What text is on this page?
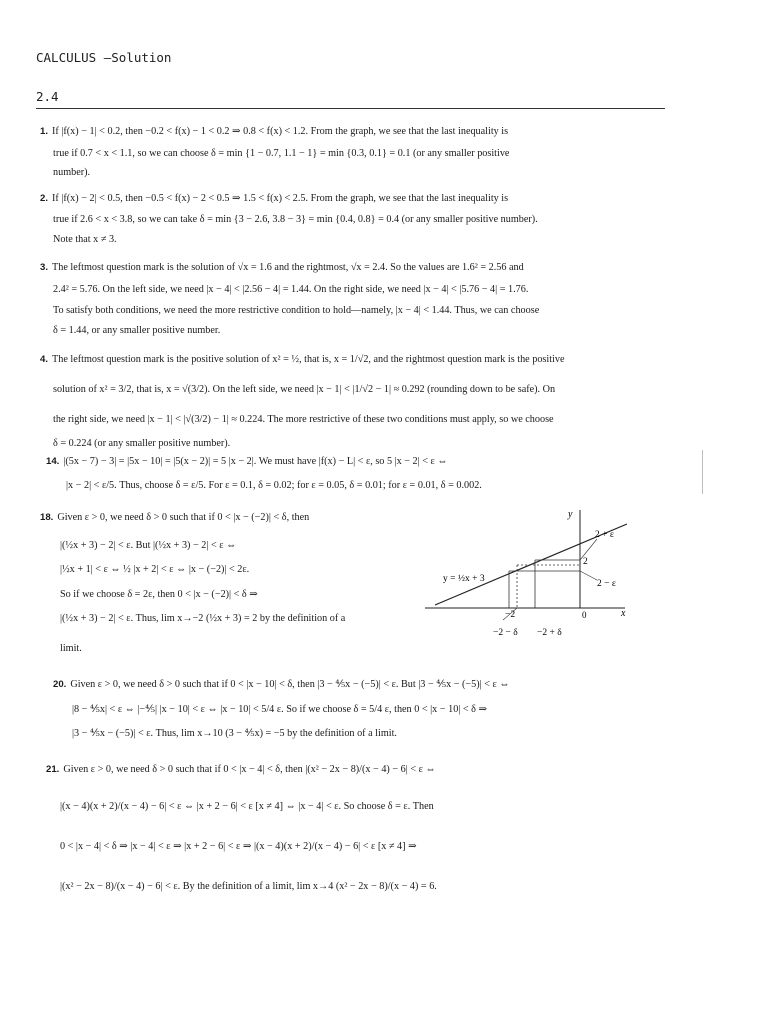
CALCULUS –Solution
2.4
1. If |f(x) − 1| < 0.2, then −0.2 < f(x) − 1 < 0.2 ⇒ 0.8 < f(x) < 1.2. From the graph, we see that the last inequality is
true if 0.7 < x < 1.1, so we can choose δ = min {1 − 0.7, 1.1 − 1} = min {0.3, 0.1} = 0.1 (or any smaller positive
number).
2. If |f(x) − 2| < 0.5, then −0.5 < f(x) − 2 < 0.5 ⇒ 1.5 < f(x) < 2.5. From the graph, we see that the last inequality is
true if 2.6 < x < 3.8, so we can take δ = min {3 − 2.6, 3.8 − 3} = min {0.4, 0.8} = 0.4 (or any smaller positive number).
Note that x ≠ 3.
3. The leftmost question mark is the solution of √x = 1.6 and the rightmost, √x = 2.4. So the values are 1.6² = 2.56 and
2.4² = 5.76. On the left side, we need |x − 4| < |2.56 − 4| = 1.44. On the right side, we need |x − 4| < |5.76 − 4| = 1.76.
To satisfy both conditions, we need the more restrictive condition to hold—namely, |x − 4| < 1.44. Thus, we can choose
δ = 1.44, or any smaller positive number.
4. The leftmost question mark is the positive solution of x² = ½, that is, x = 1/√2, and the rightmost question mark is the positive
solution of x² = 3/2, that is, x = √(3/2). On the left side, we need |x − 1| < |1/√2 − 1| ≈ 0.292 (rounding down to be safe). On
the right side, we need |x − 1| < |√(3/2) − 1| ≈ 0.224. The more restrictive of these two conditions must apply, so we choose
δ = 0.224 (or any smaller positive number).
14. |(5x − 7) − 3| = |5x − 10| = |5(x − 2)| = 5 |x − 2|. We must have |f(x) − L| < ε, so 5 |x − 2| < ε ⇔
|x − 2| < ε/5. Thus, choose δ = ε/5. For ε = 0.1, δ = 0.02; for ε = 0.05, δ = 0.01; for ε = 0.01, δ = 0.002.
18. Given ε > 0, we need δ > 0 such that if 0 < |x − (−2)| < δ, then
|(½x + 3) − 2| < ε. But |(½x + 3) − 2| < ε ⇔
|½x + 1| < ε ⇔ ½ |x + 2| < ε ⇔ |x − (−2)| < 2ε.
So if we choose δ = 2ε, then 0 < |x − (−2)| < δ ⇒
|(½x + 3) − 2| < ε. Thus, lim x→−2 (½x + 3) = 2 by the definition of a
limit.
y
x
0
2 + ε
2
2 − ε
y = ½x + 3
−2
−2 − δ −2 + δ
20. Given ε > 0, we need δ > 0 such that if 0 < |x − 10| < δ, then |3 − ⅘x − (−5)| < ε. But |3 − ⅘x − (−5)| < ε ⇔
|8 − ⅘x| < ε ⇔ |−⅘| |x − 10| < ε ⇔ |x − 10| < 5/4 ε. So if we choose δ = 5/4 ε, then 0 < |x − 10| < δ ⇒
|3 − ⅘x − (−5)| < ε. Thus, lim x→10 (3 − ⅘x) = −5 by the definition of a limit.
21. Given ε > 0, we need δ > 0 such that if 0 < |x − 4| < δ, then |(x² − 2x − 8)/(x − 4) − 6| < ε ⇔
|(x − 4)(x + 2)/(x − 4) − 6| < ε ⇔ |x + 2 − 6| < ε [x ≠ 4] ⇔ |x − 4| < ε. So choose δ = ε. Then
0 < |x − 4| < δ ⇒ |x − 4| < ε ⇒ |x + 2 − 6| < ε ⇒ |(x − 4)(x + 2)/(x − 4) − 6| < ε [x ≠ 4] ⇒
|(x² − 2x − 8)/(x − 4) − 6| < ε. By the definition of a limit, lim x→4 (x² − 2x − 8)/(x − 4) = 6.
